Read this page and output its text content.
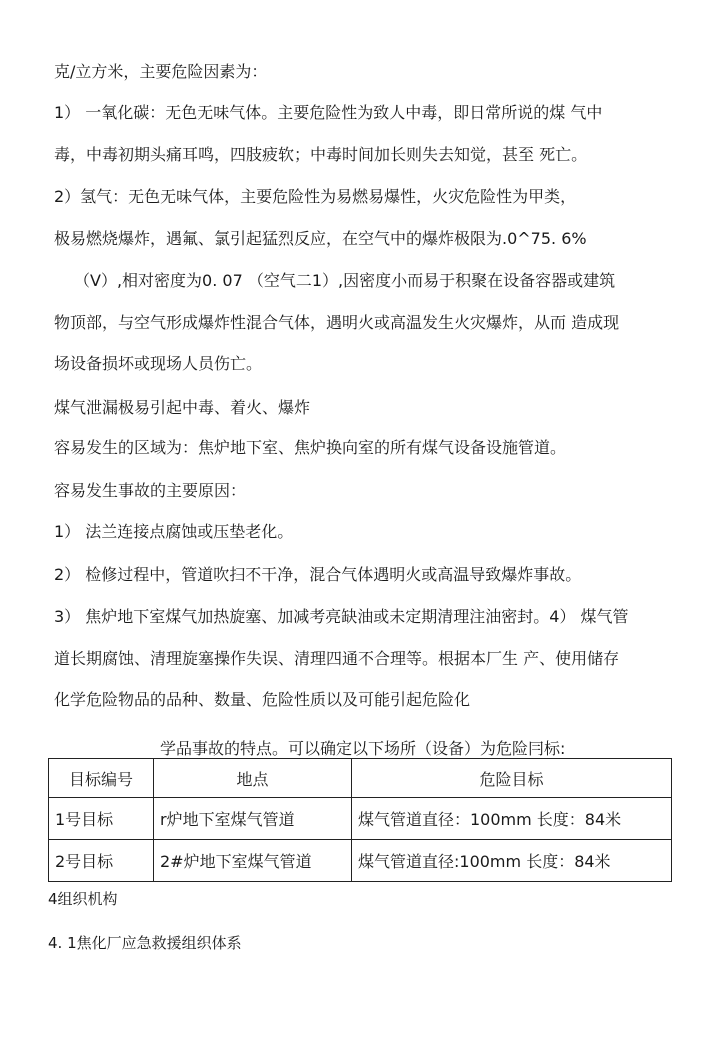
克/立方米，主要危险因素为：
1） 一氧化碳：无色无味气体。主要危险性为致人中毒，即日常所说的煤 气中
毒，中毒初期头痛耳鸣，四肢疲软；中毒时间加长则失去知觉，甚至 死亡。
2）氢气：无色无味气体，主要危险性为易燃易爆性，火灾危险性为甲类，
极易燃烧爆炸，遇氟、氯引起猛烈反应，在空气中的爆炸极限为.0^75. 6%
（V）,相对密度为0. 07 （空气二1）,因密度小而易于积聚在设备容器或建筑
物顶部，与空气形成爆炸性混合气体，遇明火或高温发生火灾爆炸，从而 造成现
场设备损坏或现场人员伤亡。
煤气泄漏极易引起中毒、着火、爆炸
容易发生的区域为：焦炉地下室、焦炉换向室的所有煤气设备设施管道。
容易发生事故的主要原因：
1） 法兰连接点腐蚀或压垫老化。
2） 检修过程中，管道吹扫不干净，混合气体遇明火或高温导致爆炸事故。
3） 焦炉地下室煤气加热旋塞、加减考亮缺油或未定期清理注油密封。4） 煤气管
道长期腐蚀、清理旋塞操作失误、清理四通不合理等。根据本厂生 产、使用储存
化学危险物品的品种、数量、危险性质以及可能引起危险化
学品事故的特点。可以确定以下场所（设备）为危险冃标:
目标编号	地点	危险目标
1号目标	r炉地下室煤气管道	煤气管道直径：100mm 长度：84米
2号目标	2#炉地下室煤气管道	煤气管道直径:100mm 长度：84米
4组织机构
4. 1焦化厂应急救援组织体系
